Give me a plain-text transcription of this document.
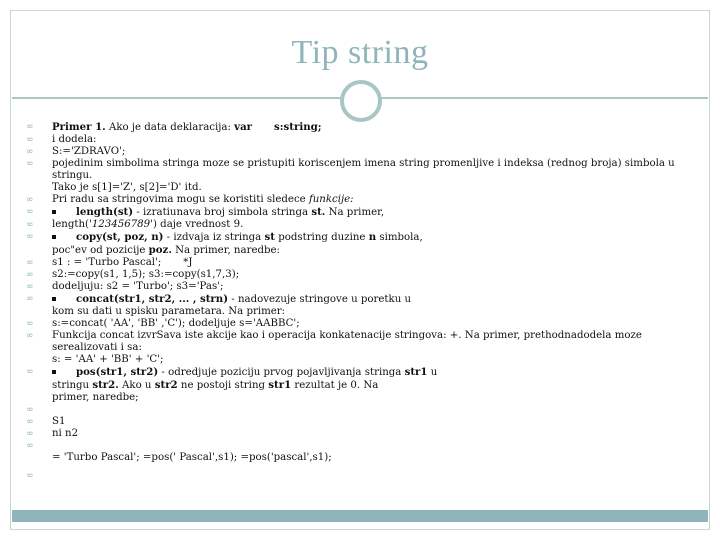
Tip string
∞	Primer 1. Ako je data deklaracija: var s:string;
∞	i dodela:
∞	S:='ZDRAVO';
∞	pojedinim simbolima stringa moze se pristupiti koriscenjem imena string promenljive i indeksa (rednog broja) simbola u stringu.
Tako je s[1]='Z', s[2]='D' itd.
∞	Pri radu sa stringovima mogu se koristiti sledece funkcije:
∞	length(st) - izratiunava broj simbola stringa st. Na primer,
∞	length('123456789') daje vrednost 9.
∞	copy(st, poz, n) - izdvaja iz stringa st podstring duzine n simbola,
poc"ev od pozicije poz. Na primer, naredbe:
∞	s1 : = 'Turbo Pascal'; *J
∞	s2:=copy(s1, 1,5); s3:=copy(s1,7,3);
∞	dodeljuju: s2 = 'Turbo'; s3='Pas';
∞	concat(str1, str2, ... , strn) - nadovezuje stringove u poretku u
kom su dati u spisku parametara. Na primer:
∞	s:=concat( 'AA', 'BB' ,'C'); dodeljuje s='AABBC';
∞	Funkcija concat izvrSava iste akcije kao i operacija konkatenacije stringova: +. Na primer, prethodnadodela moze serealizovati i sa:
s: = 'AA' + 'BB' + 'C';
∞	pos(str1, str2) - odredjuje poziciju prvog pojavljivanja stringa str1 u
stringu str2. Ako u str2 ne postoji string str1 rezultat je 0. Na
primer, naredbe;
∞
∞	S1
∞	ni n2
∞
= 'Turbo Pascal'; =pos(' Pascal',s1); =pos('pascal',s1);
∞
